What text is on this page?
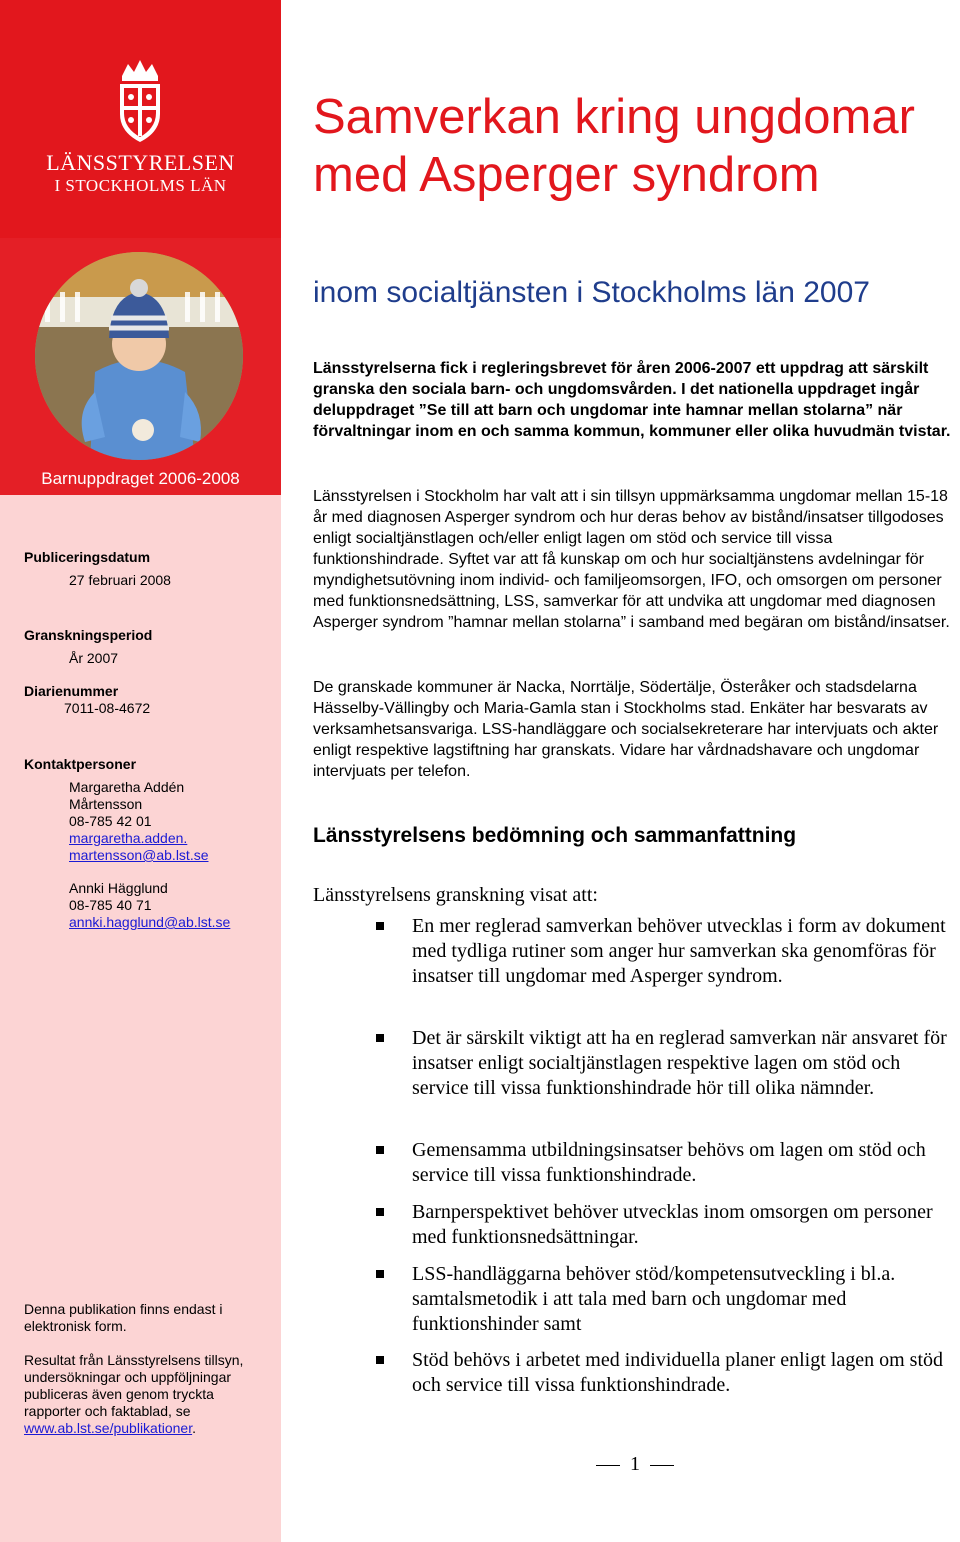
LÄNSSTYRELSEN
I STOCKHOLMS LÄN
Barnuppdraget 2006-2008
Publiceringsdatum
27 februari 2008
Granskningsperiod
År 2007
Diarienummer
7011-08-4672
Kontaktpersoner
Margaretha Addén
Mårtensson
08-785 42 01
margaretha.adden.
martensson@ab.lst.se
Annki Hägglund
08-785 40 71
annki.hagglund@ab.lst.se
Denna publikation finns endast i elektronisk form.
Resultat från Länsstyrelsens tillsyn, undersökningar och uppföljningar publiceras även genom tryckta rapporter och faktablad, se www.ab.lst.se/publikationer.
Samverkan kring ungdomar
med Asperger syndrom
inom socialtjänsten i Stockholms län 2007

Länsstyrelserna fick i regleringsbrevet för åren 2006-2007 ett uppdrag att särskilt granska den sociala barn- och ungdomsvården. I det nationella uppdraget ingår deluppdraget ”Se till att barn och ungdomar inte hamnar mellan stolarna” när förvaltningar inom en och samma kommun, kommuner eller olika huvudmän tvistar.

Länsstyrelsen i Stockholm har valt att i sin tillsyn uppmärksamma ungdomar mellan 15-18 år med diagnosen Asperger syndrom och hur deras behov av bistånd/insatser tillgodoses enligt socialtjänstlagen och/eller enligt lagen om stöd och service till vissa funktionshindrade. Syftet var att få kunskap om och hur socialtjänstens avdelningar för myndighetsutövning inom individ- och familjeomsorgen, IFO, och omsorgen om personer med funktionsnedsättning, LSS, samverkar för att undvika att ungdomar med diagnosen Asperger syndrom ”hamnar mellan stolarna” i samband med begäran om bistånd/insatser.

De granskade kommuner är Nacka, Norrtälje, Södertälje, Österåker och stadsdelarna Hässelby-Vällingby och Maria-Gamla stan i Stockholms stad. Enkäter har besvarats av verksamhetsansvariga. LSS-handläggare och socialsekreterare har intervjuats och akter enligt respektive lagstiftning har granskats. Vidare har vårdnadshavare och ungdomar intervjuats per telefon.

Länsstyrelsens bedömning och sammanfattning
Länsstyrelsens granskning visat att:
En mer reglerad samverkan behöver utvecklas i form av dokument med tydliga rutiner som anger hur samverkan ska genomföras för insatser till ungdomar med Asperger syndrom.
Det är särskilt viktigt att ha en reglerad samverkan när ansvaret för insatser enligt socialtjänstlagen respektive lagen om stöd och service till vissa funktionshindrade hör till olika nämnder.
Gemensamma utbildningsinsatser behövs om lagen om stöd och service till vissa funktionshindrade.
Barnperspektivet behöver utvecklas inom omsorgen om personer med funktionsnedsättningar.
LSS-handläggarna behöver stöd/kompetensutveckling i bl.a. samtalsmetodik i att tala med barn och ungdomar med funktionshinder samt
Stöd behövs i arbetet med individuella planer enligt lagen om stöd och service till vissa funktionshindrade.
1
